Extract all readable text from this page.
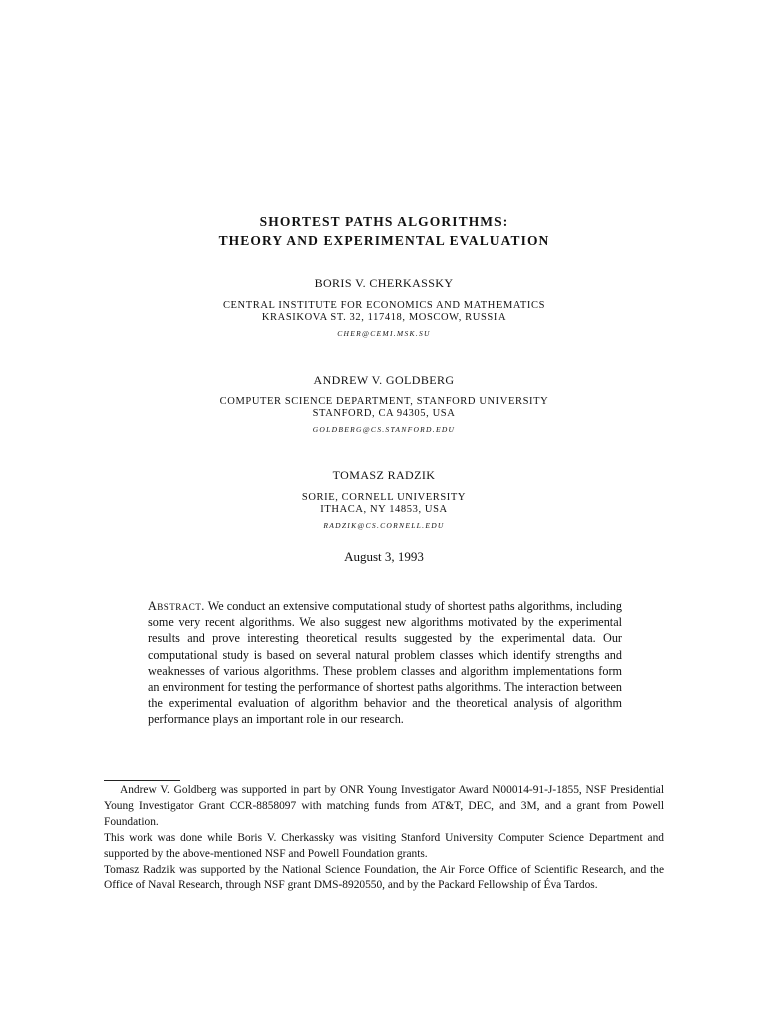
SHORTEST PATHS ALGORITHMS:
THEORY AND EXPERIMENTAL EVALUATION
BORIS V. CHERKASSKY
CENTRAL INSTITUTE FOR ECONOMICS AND MATHEMATICS
KRASIKOVA ST. 32, 117418, MOSCOW, RUSSIA
CHER@CEMI.MSK.SU
ANDREW V. GOLDBERG
COMPUTER SCIENCE DEPARTMENT, STANFORD UNIVERSITY
STANFORD, CA 94305, USA
GOLDBERG@CS.STANFORD.EDU
TOMASZ RADZIK
SORIE, CORNELL UNIVERSITY
ITHACA, NY 14853, USA
RADZIK@CS.CORNELL.EDU
August 3, 1993
Abstract. We conduct an extensive computational study of shortest paths algorithms, including some very recent algorithms. We also suggest new algorithms motivated by the experimental results and prove interesting theoretical results suggested by the experimental data. Our computational study is based on several natural problem classes which identify strengths and weaknesses of various algorithms. These problem classes and algorithm implementations form an environment for testing the performance of shortest paths algorithms. The interaction between the experimental evaluation of algorithm behavior and the theoretical analysis of algorithm performance plays an important role in our research.

Andrew V. Goldberg was supported in part by ONR Young Investigator Award N00014-91-J-1855, NSF Presidential Young Investigator Grant CCR-8858097 with matching funds from AT&T, DEC, and 3M, and a grant from Powell Foundation.

This work was done while Boris V. Cherkassky was visiting Stanford University Computer Science Department and supported by the above-mentioned NSF and Powell Foundation grants.

Tomasz Radzik was supported by the National Science Foundation, the Air Force Office of Scientific Research, and the Office of Naval Research, through NSF grant DMS-8920550, and by the Packard Fellowship of Éva Tardos.
